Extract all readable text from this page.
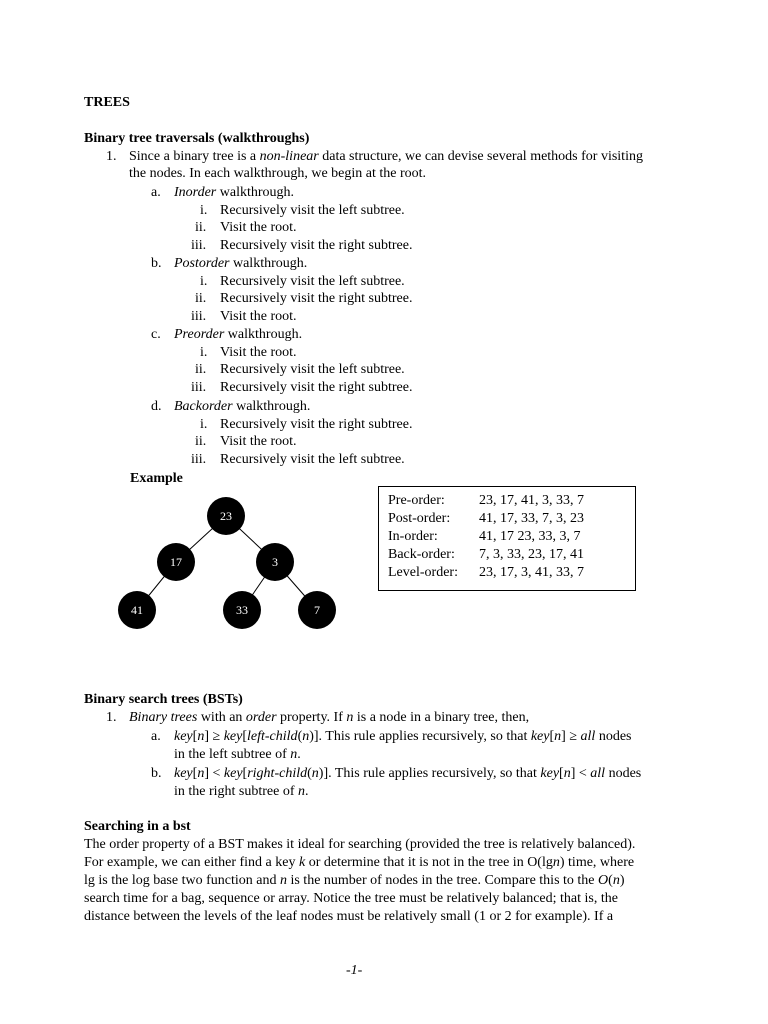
TREES
Binary tree traversals (walkthroughs)
1. Since a binary tree is a non-linear data structure, we can devise several methods for visiting
the nodes. In each walkthrough, we begin at the root.
a. Inorder walkthrough.
i. Recursively visit the left subtree.
ii. Visit the root.
iii. Recursively visit the right subtree.
b. Postorder walkthrough.
i. Recursively visit the left subtree.
ii. Recursively visit the right subtree.
iii. Visit the root.
c. Preorder walkthrough.
i. Visit the root.
ii. Recursively visit the left subtree.
iii. Recursively visit the right subtree.
d. Backorder walkthrough.
i. Recursively visit the right subtree.
ii. Visit the root.
iii. Recursively visit the left subtree.
Example
23
17	3
41	33	7
Pre-order: 23, 17, 41, 3, 33, 7
Post-order: 41, 17, 33, 7, 3, 23
In-order:	41, 17 23, 33, 3, 7
Back-order: 7, 3, 33, 23, 17, 41
Level-order: 23, 17, 3, 41, 33, 7
Binary search trees (BSTs)
1. Binary trees with an order property. If n is a node in a binary tree, then,
a. key[n] ≥ key[left-child(n)]. This rule applies recursively, so that key[n] ≥ all nodes
in the left subtree of n.
b. key[n] < key[right-child(n)]. This rule applies recursively, so that key[n] < all nodes
in the right subtree of n.
Searching in a bst
The order property of a BST makes it ideal for searching (provided the tree is relatively balanced).
For example, we can either find a key k or determine that it is not in the tree in O(lgn) time, where
lg is the log base two function and n is the number of nodes in the tree. Compare this to the O(n)
search time for a bag, sequence or array. Notice the tree must be relatively balanced; that is, the
distance between the levels of the leaf nodes must be relatively small (1 or 2 for example). If a
-1-
